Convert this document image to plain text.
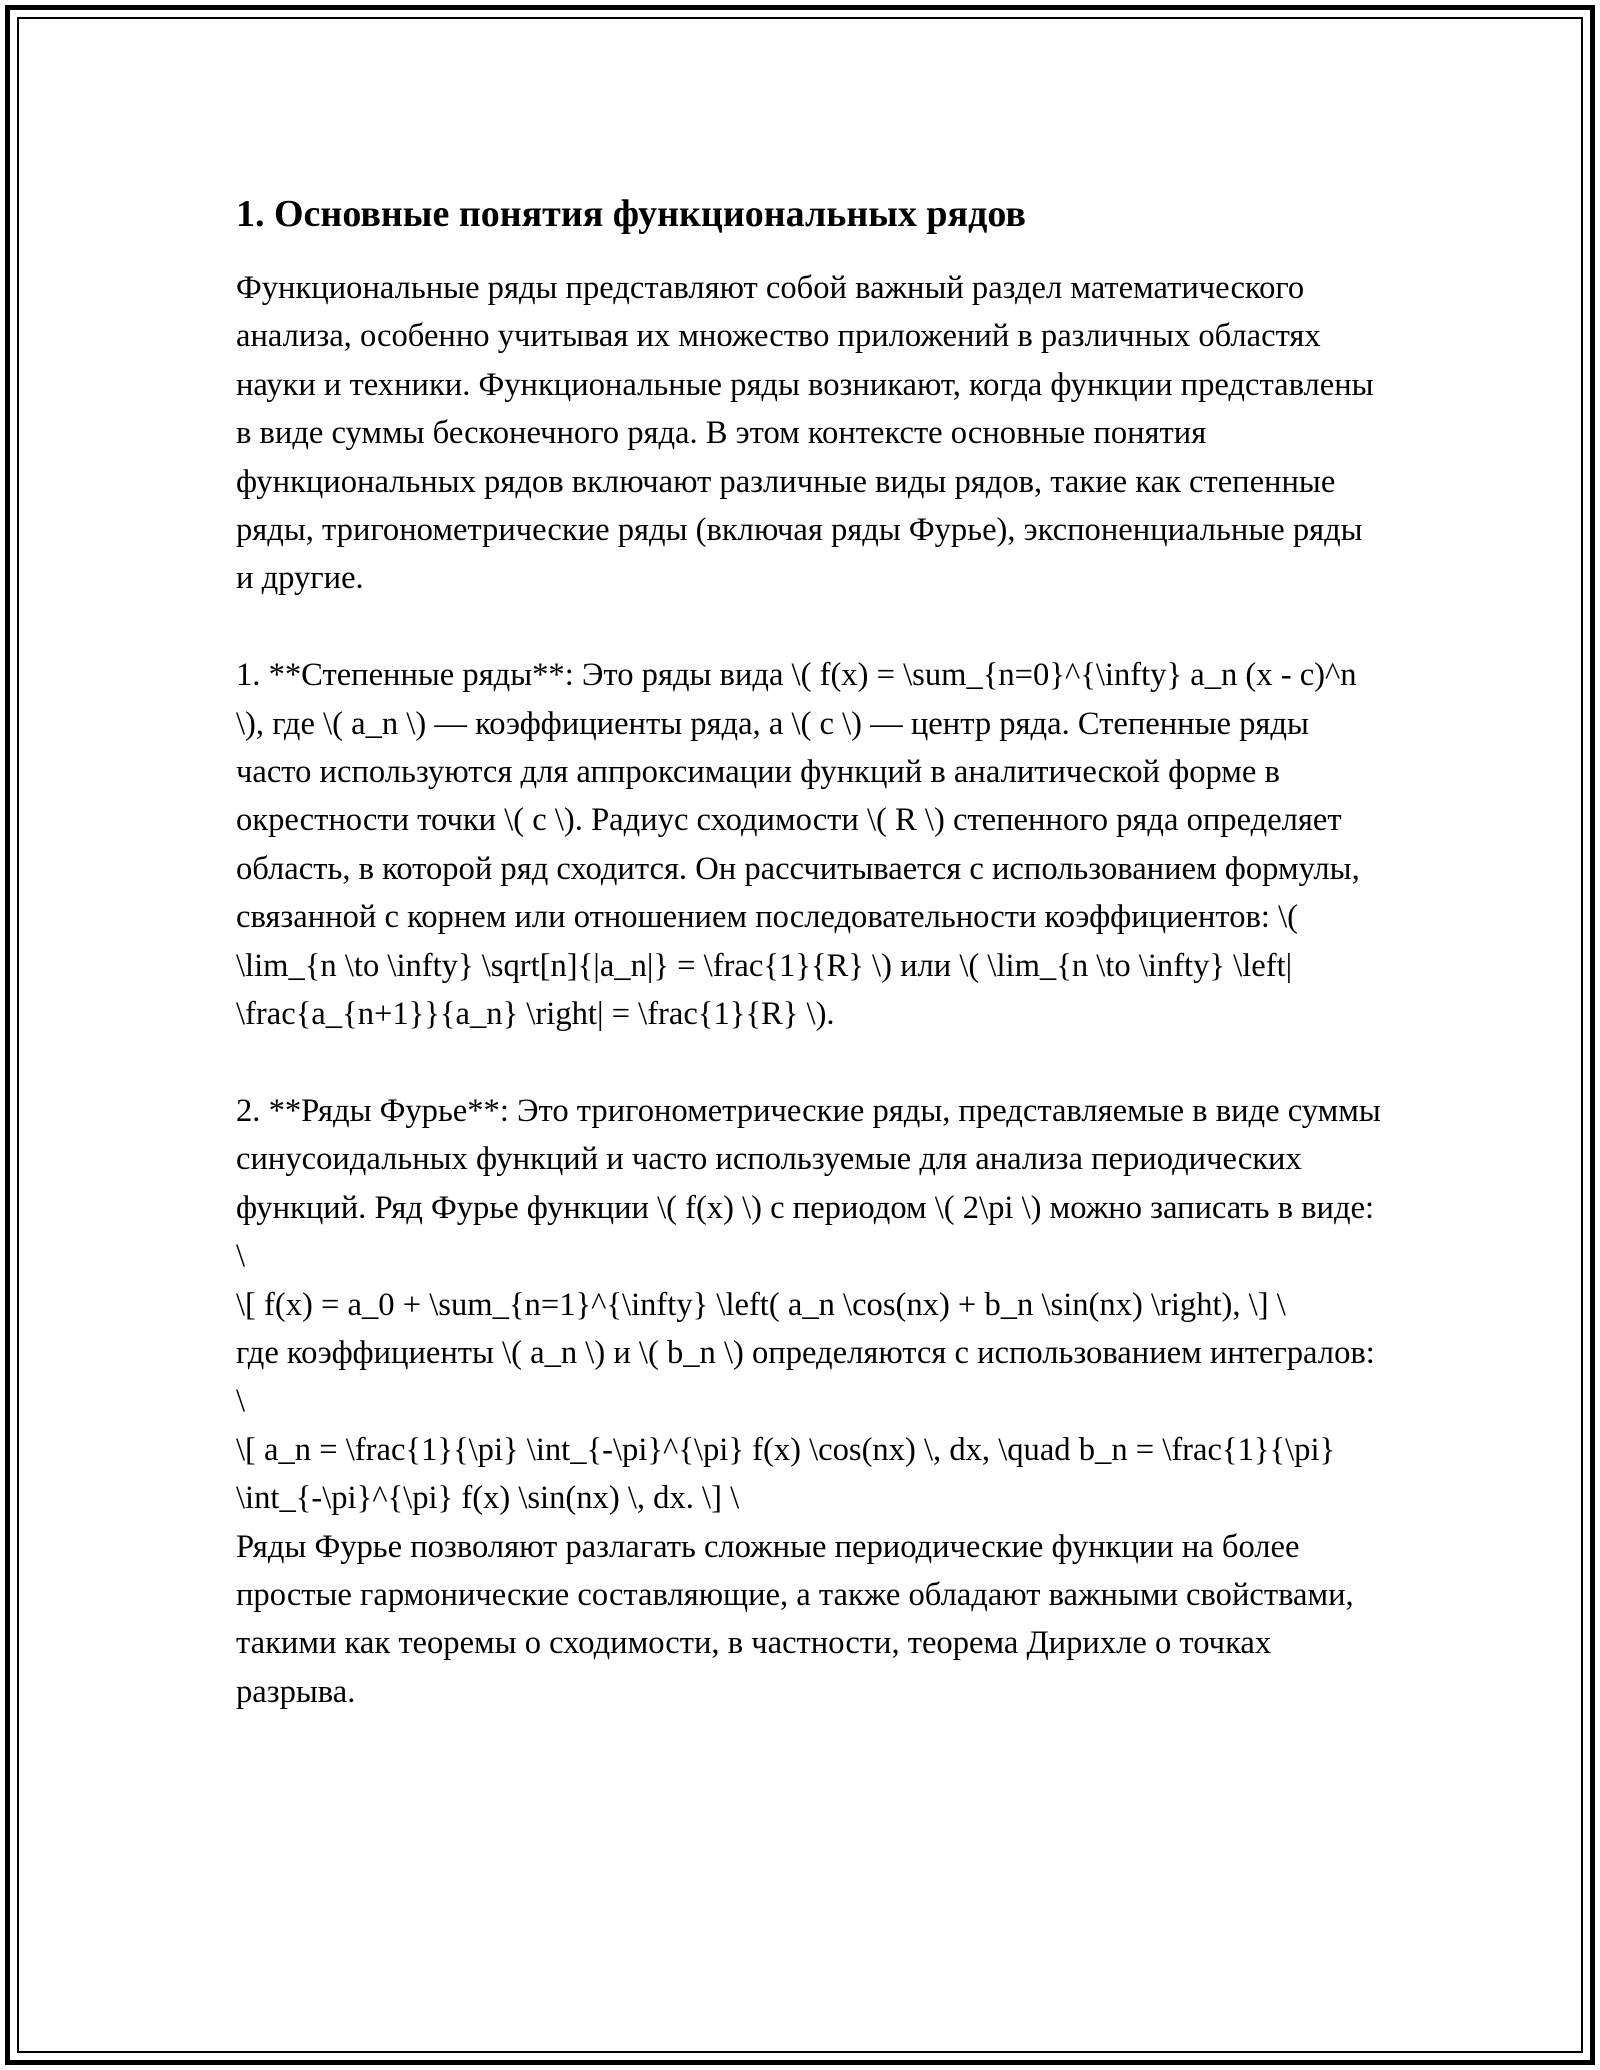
1. Основные понятия функциональных рядов

Функциональные ряды представляют собой важный раздел математического анализа, особенно учитывая их множество приложений в различных областях науки и техники. Функциональные ряды возникают, когда функции представлены в виде суммы бесконечного ряда. В этом контексте основные понятия функциональных рядов включают различные виды рядов, такие как степенные ряды, тригонометрические ряды (включая ряды Фурье), экспоненциальные ряды и другие.

1. **Степенные ряды**: Это ряды вида \( f(x) = \sum_{n=0}^{\infty} a_n (x - c)^n \), где \( a_n \) — коэффициенты ряда, а \( c \) — центр ряда. Степенные ряды часто используются для аппроксимации функций в аналитической форме в окрестности точки \( c \). Радиус сходимости \( R \) степенного ряда определяет область, в которой ряд сходится. Он рассчитывается с использованием формулы, связанной с корнем или отношением последовательности коэффициентов: \( \lim_{n \to \infty} \sqrt[n]{|a_n|} = \frac{1}{R} \) или \( \lim_{n \to \infty} \left| \frac{a_{n+1}}{a_n} \right| = \frac{1}{R} \).

2. **Ряды Фурье**: Это тригонометрические ряды, представляемые в виде суммы синусоидальных функций и часто используемые для анализа периодических функций. Ряд Фурье функции \( f(x) \) с периодом \( 2\pi \) можно записать в виде: \

\[ f(x) = a_0 + \sum_{n=1}^{\infty} \left( a_n \cos(nx) + b_n \sin(nx) \right), \] \

где коэффициенты \( a_n \) и \( b_n \) определяются с использованием интегралов: \

\[ a_n = \frac{1}{\pi} \int_{-\pi}^{\pi} f(x) \cos(nx) \, dx, \quad b_n = \frac{1}{\pi} \int_{-\pi}^{\pi} f(x) \sin(nx) \, dx. \] \

Ряды Фурье позволяют разлагать сложные периодические функции на более простые гармонические составляющие, а также обладают важными свойствами, такими как теоремы о сходимости, в частности, теорема Дирихле о точках разрыва.
